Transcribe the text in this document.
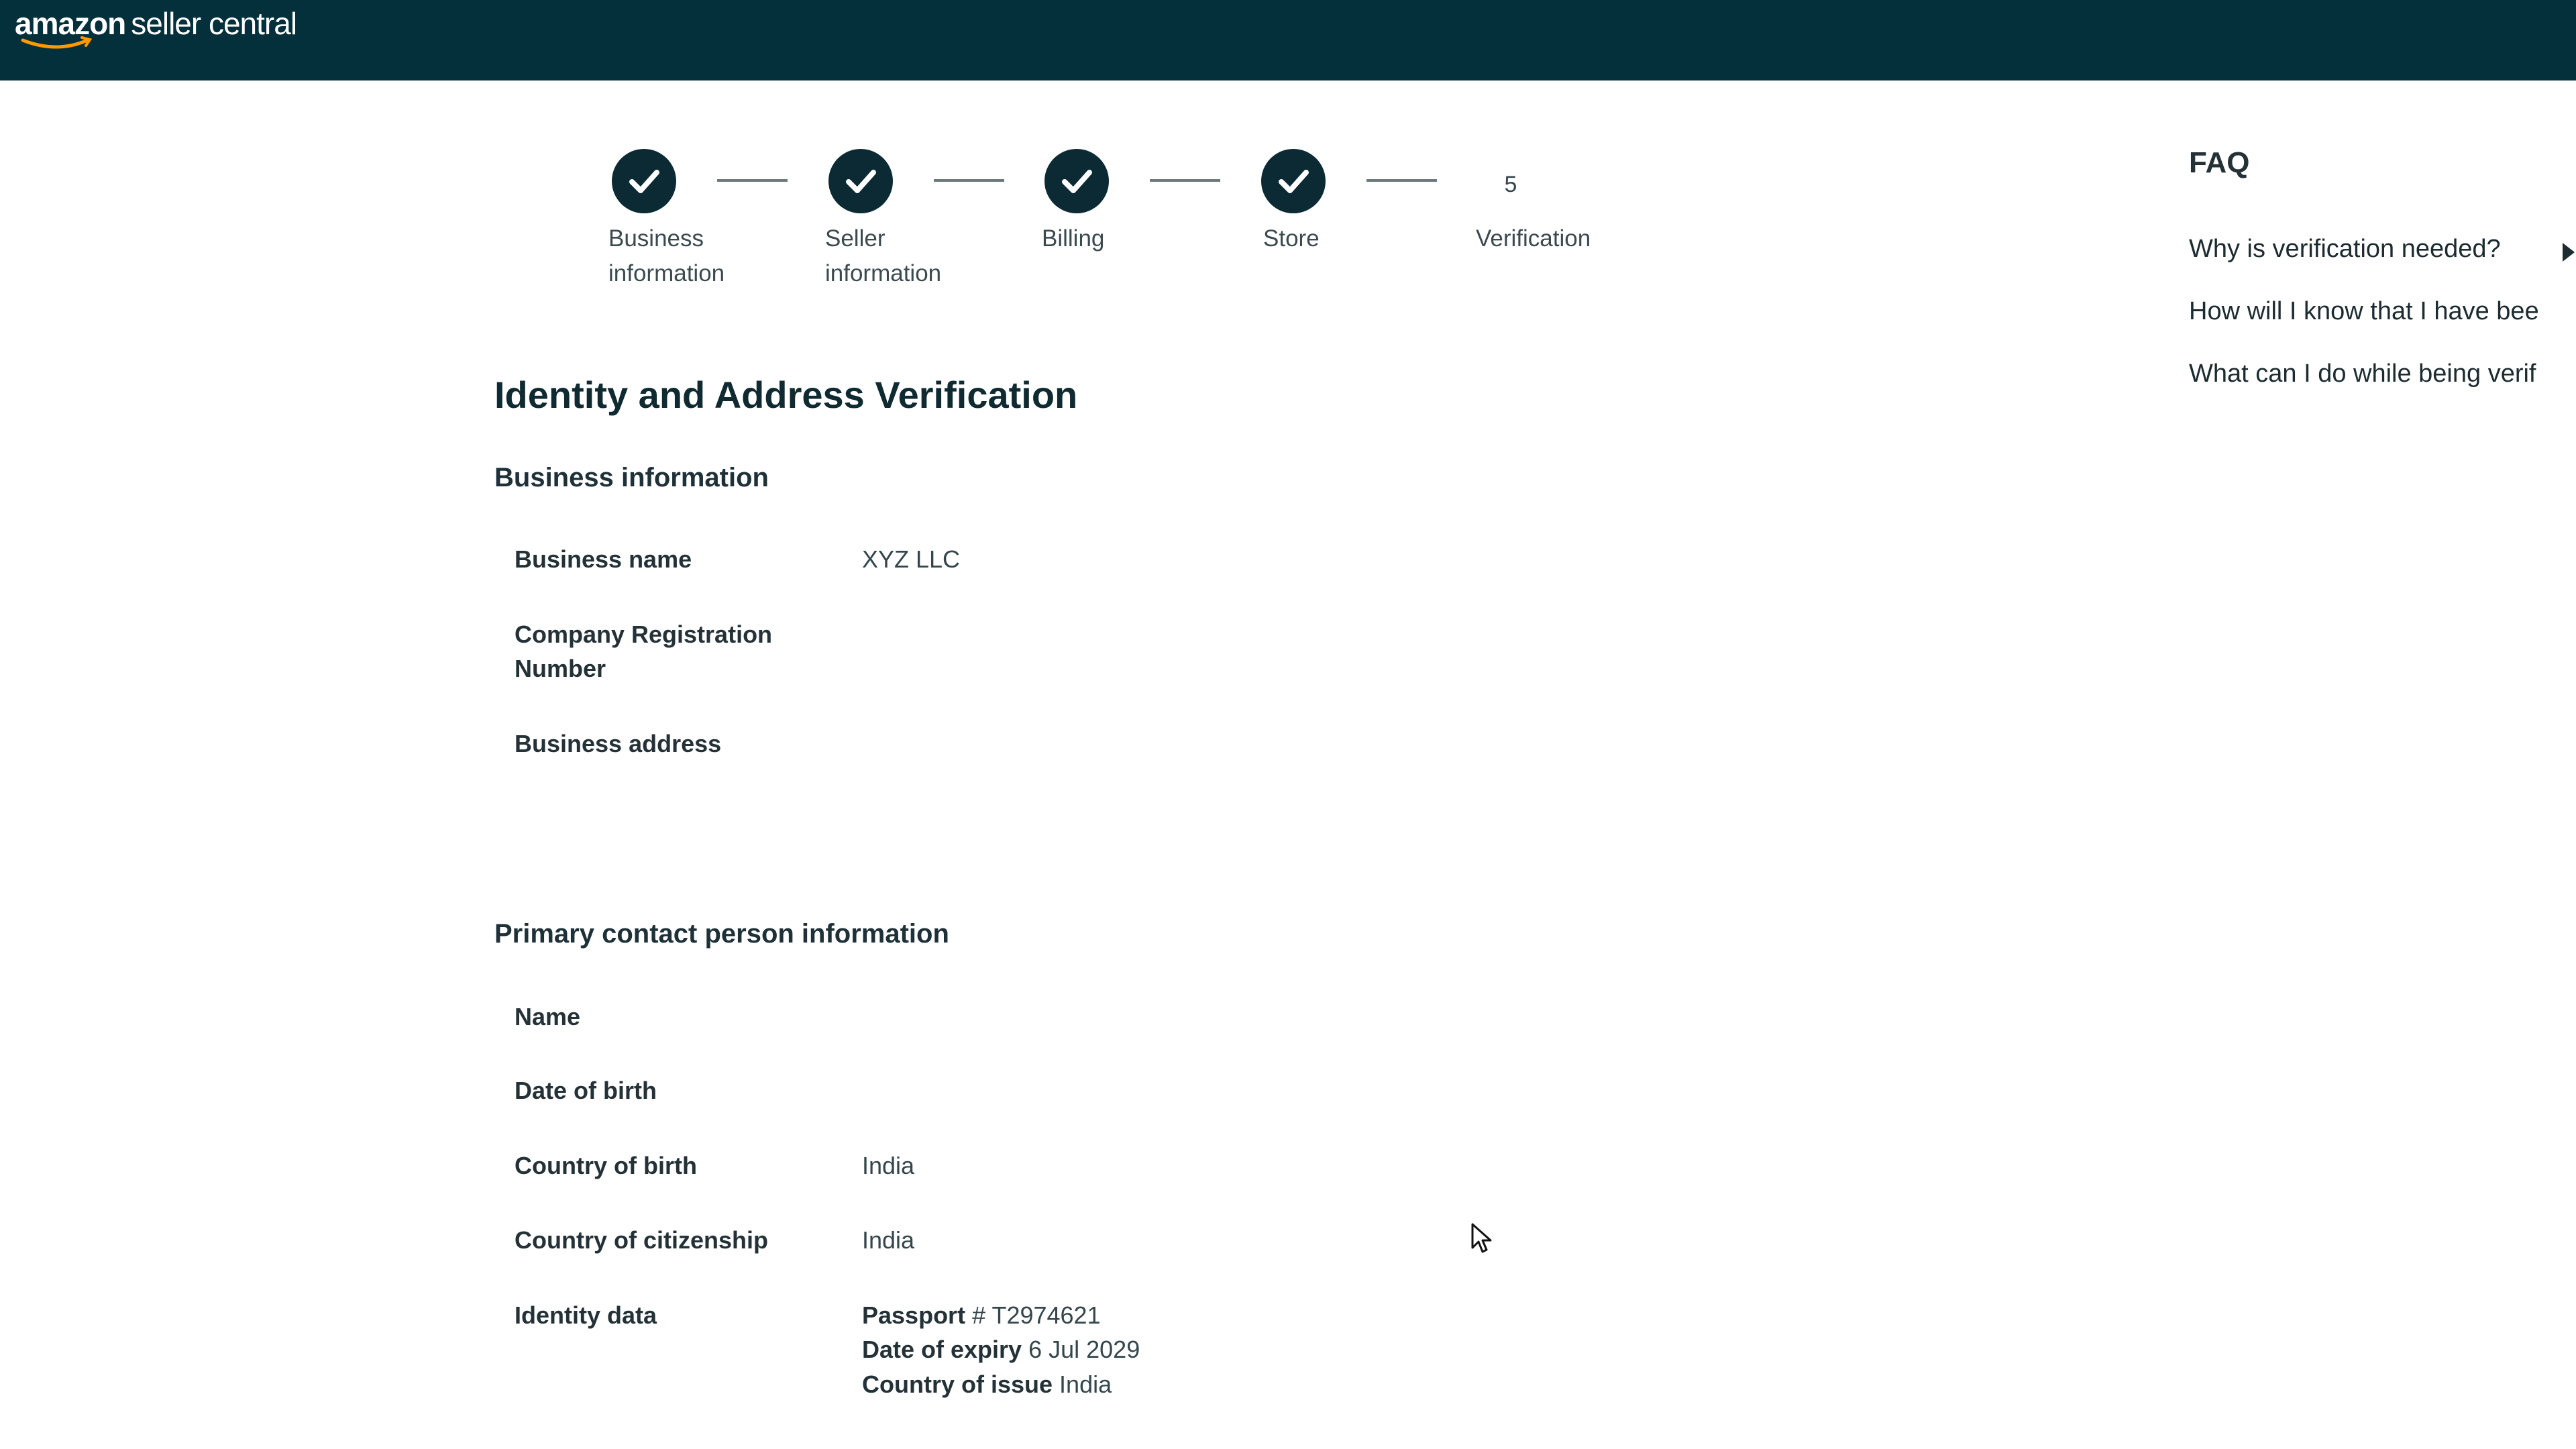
amazon seller central
Business information
Seller information
Billing	Store
5
Verification
Identity and Address Verification
Business information
Business name	XYZ LLC
Company Registration Number
Business address
Primary contact person information
Name
Date of birth
Country of birth	India
Country of citizenship	India
Identity data	Passport # T2974621
Date of expiry 6 Jul 2029
Country of issue India
FAQ
Why is verification needed?
How will I know that I have bee
What can I do while being verif
